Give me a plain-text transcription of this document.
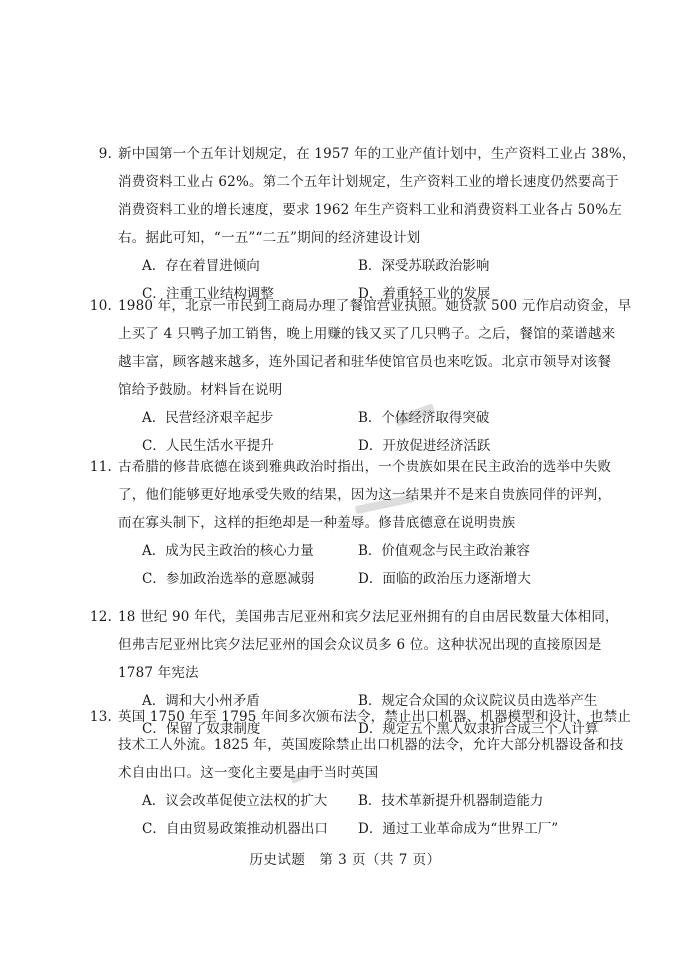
9. 新中国第一个五年计划规定，在 1957 年的工业产值计划中，生产资料工业占 38%，
消费资料工业占 62%。第二个五年计划规定，生产资料工业的增长速度仍然要高于
消费资料工业的增长速度，要求 1962 年生产资料工业和消费资料工业各占 50%左
右。据此可知，“一五”“二五”期间的经济建设计划
A．存在着冒进倾向	B．深受苏联政治影响
C．注重工业结构调整	D．着重轻工业的发展
10. 1980 年，北京一市民到工商局办理了餐馆营业执照。她贷款 500 元作启动资金，早
上买了 4 只鸭子加工销售，晚上用赚的钱又买了几只鸭子。之后，餐馆的菜谱越来
越丰富，顾客越来越多，连外国记者和驻华使馆官员也来吃饭。北京市领导对该餐
馆给予鼓励。材料旨在说明
A．民营经济艰辛起步	B．个体经济取得突破
C．人民生活水平提升	D．开放促进经济活跃
11. 古希腊的修昔底德在谈到雅典政治时指出，一个贵族如果在民主政治的选举中失败
了，他们能够更好地承受失败的结果，因为这一结果并不是来自贵族同伴的评判，
而在寡头制下，这样的拒绝却是一种羞辱。修昔底德意在说明贵族
A．成为民主政治的核心力量	B．价值观念与民主政治兼容
C．参加政治选举的意愿减弱	D．面临的政治压力逐渐增大
12. 18 世纪 90 年代，美国弗吉尼亚州和宾夕法尼亚州拥有的自由居民数量大体相同，
但弗吉尼亚州比宾夕法尼亚州的国会众议员多 6 位。这种状况出现的直接原因是
1787 年宪法
A．调和大小州矛盾	B．规定合众国的众议院议员由选举产生
C．保留了奴隶制度	D．规定五个黑人奴隶折合成三个人计算
13. 英国 1750 年至 1795 年间多次颁布法令，禁止出口机器、机器模型和设计，也禁止
技术工人外流。1825 年，英国废除禁止出口机器的法令，允许大部分机器设备和技
术自由出口。这一变化主要是由于当时英国
A．议会改革促使立法权的扩大 B．技术革新提升机器制造能力
C．自由贸易政策推动机器出口 D．通过工业革命成为“世界工厂”
历史试题　第 3 页（共 7 页）
